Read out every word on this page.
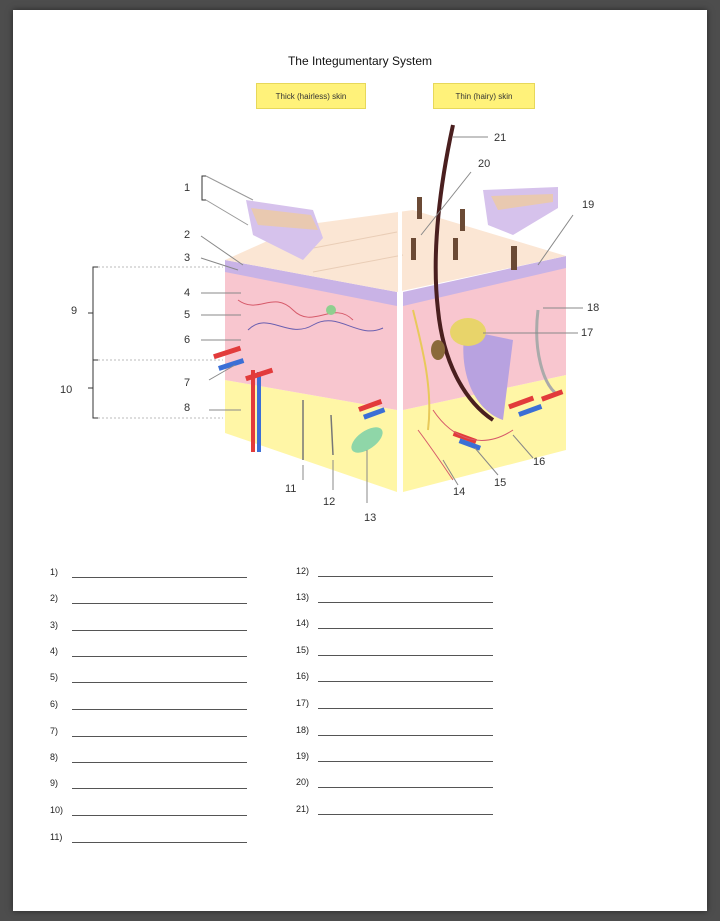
The Integumentary System
Thick (hairless) skin	Thin (hairy) skin
1
2
3
4
5
6
7
8
9
10
11
12
13
14
15
16
17
18
19
20
21
1)
2)
3)
4)
5)
6)
7)
8)
9)
10)
11)
12)
13)
14)
15)
16)
17)
18)
19)
20)
21)
